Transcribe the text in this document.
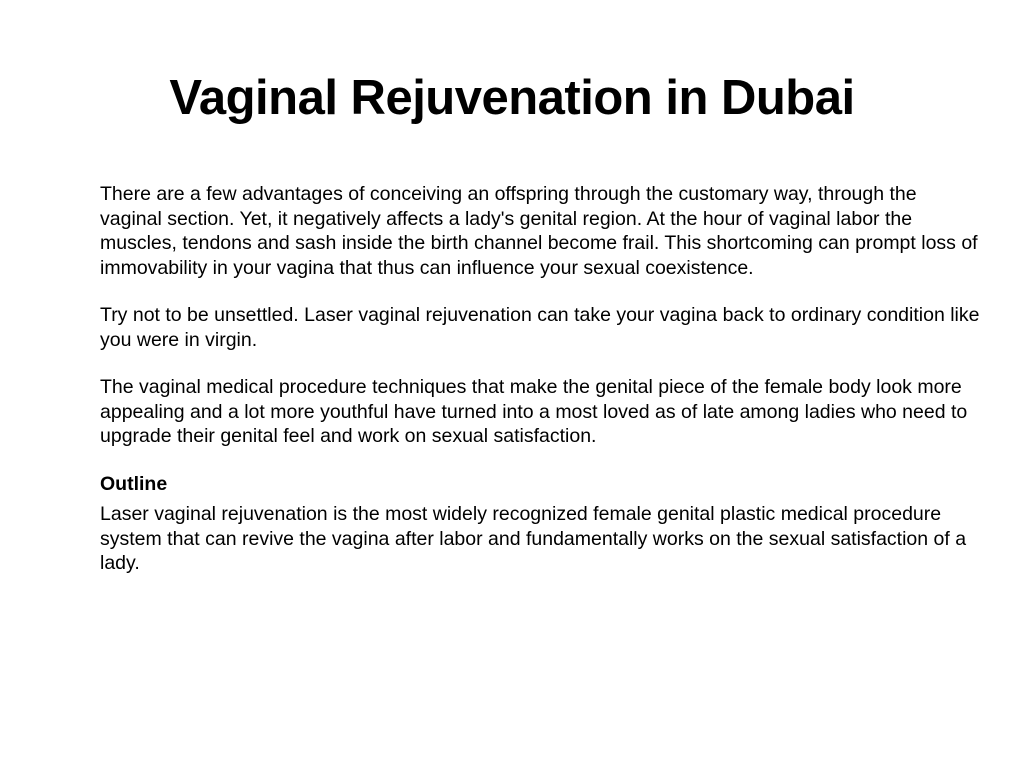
Vaginal Rejuvenation in Dubai

There are a few advantages of conceiving an offspring through the customary way, through the vaginal section. Yet, it negatively affects a lady's genital region. At the hour of vaginal labor the muscles, tendons and sash inside the birth channel become frail. This shortcoming can prompt loss of immovability in your vagina that thus can influence your sexual coexistence.

Try not to be unsettled. Laser vaginal rejuvenation can take your vagina back to ordinary condition like you were in virgin.

The vaginal medical procedure techniques that make the genital piece of the female body look more appealing and a lot more youthful have turned into a most loved as of late among ladies who need to upgrade their genital feel and work on sexual satisfaction.

Outline

Laser vaginal rejuvenation is the most widely recognized female genital plastic medical procedure system that can revive the vagina after labor and fundamentally works on the sexual satisfaction of a lady.
